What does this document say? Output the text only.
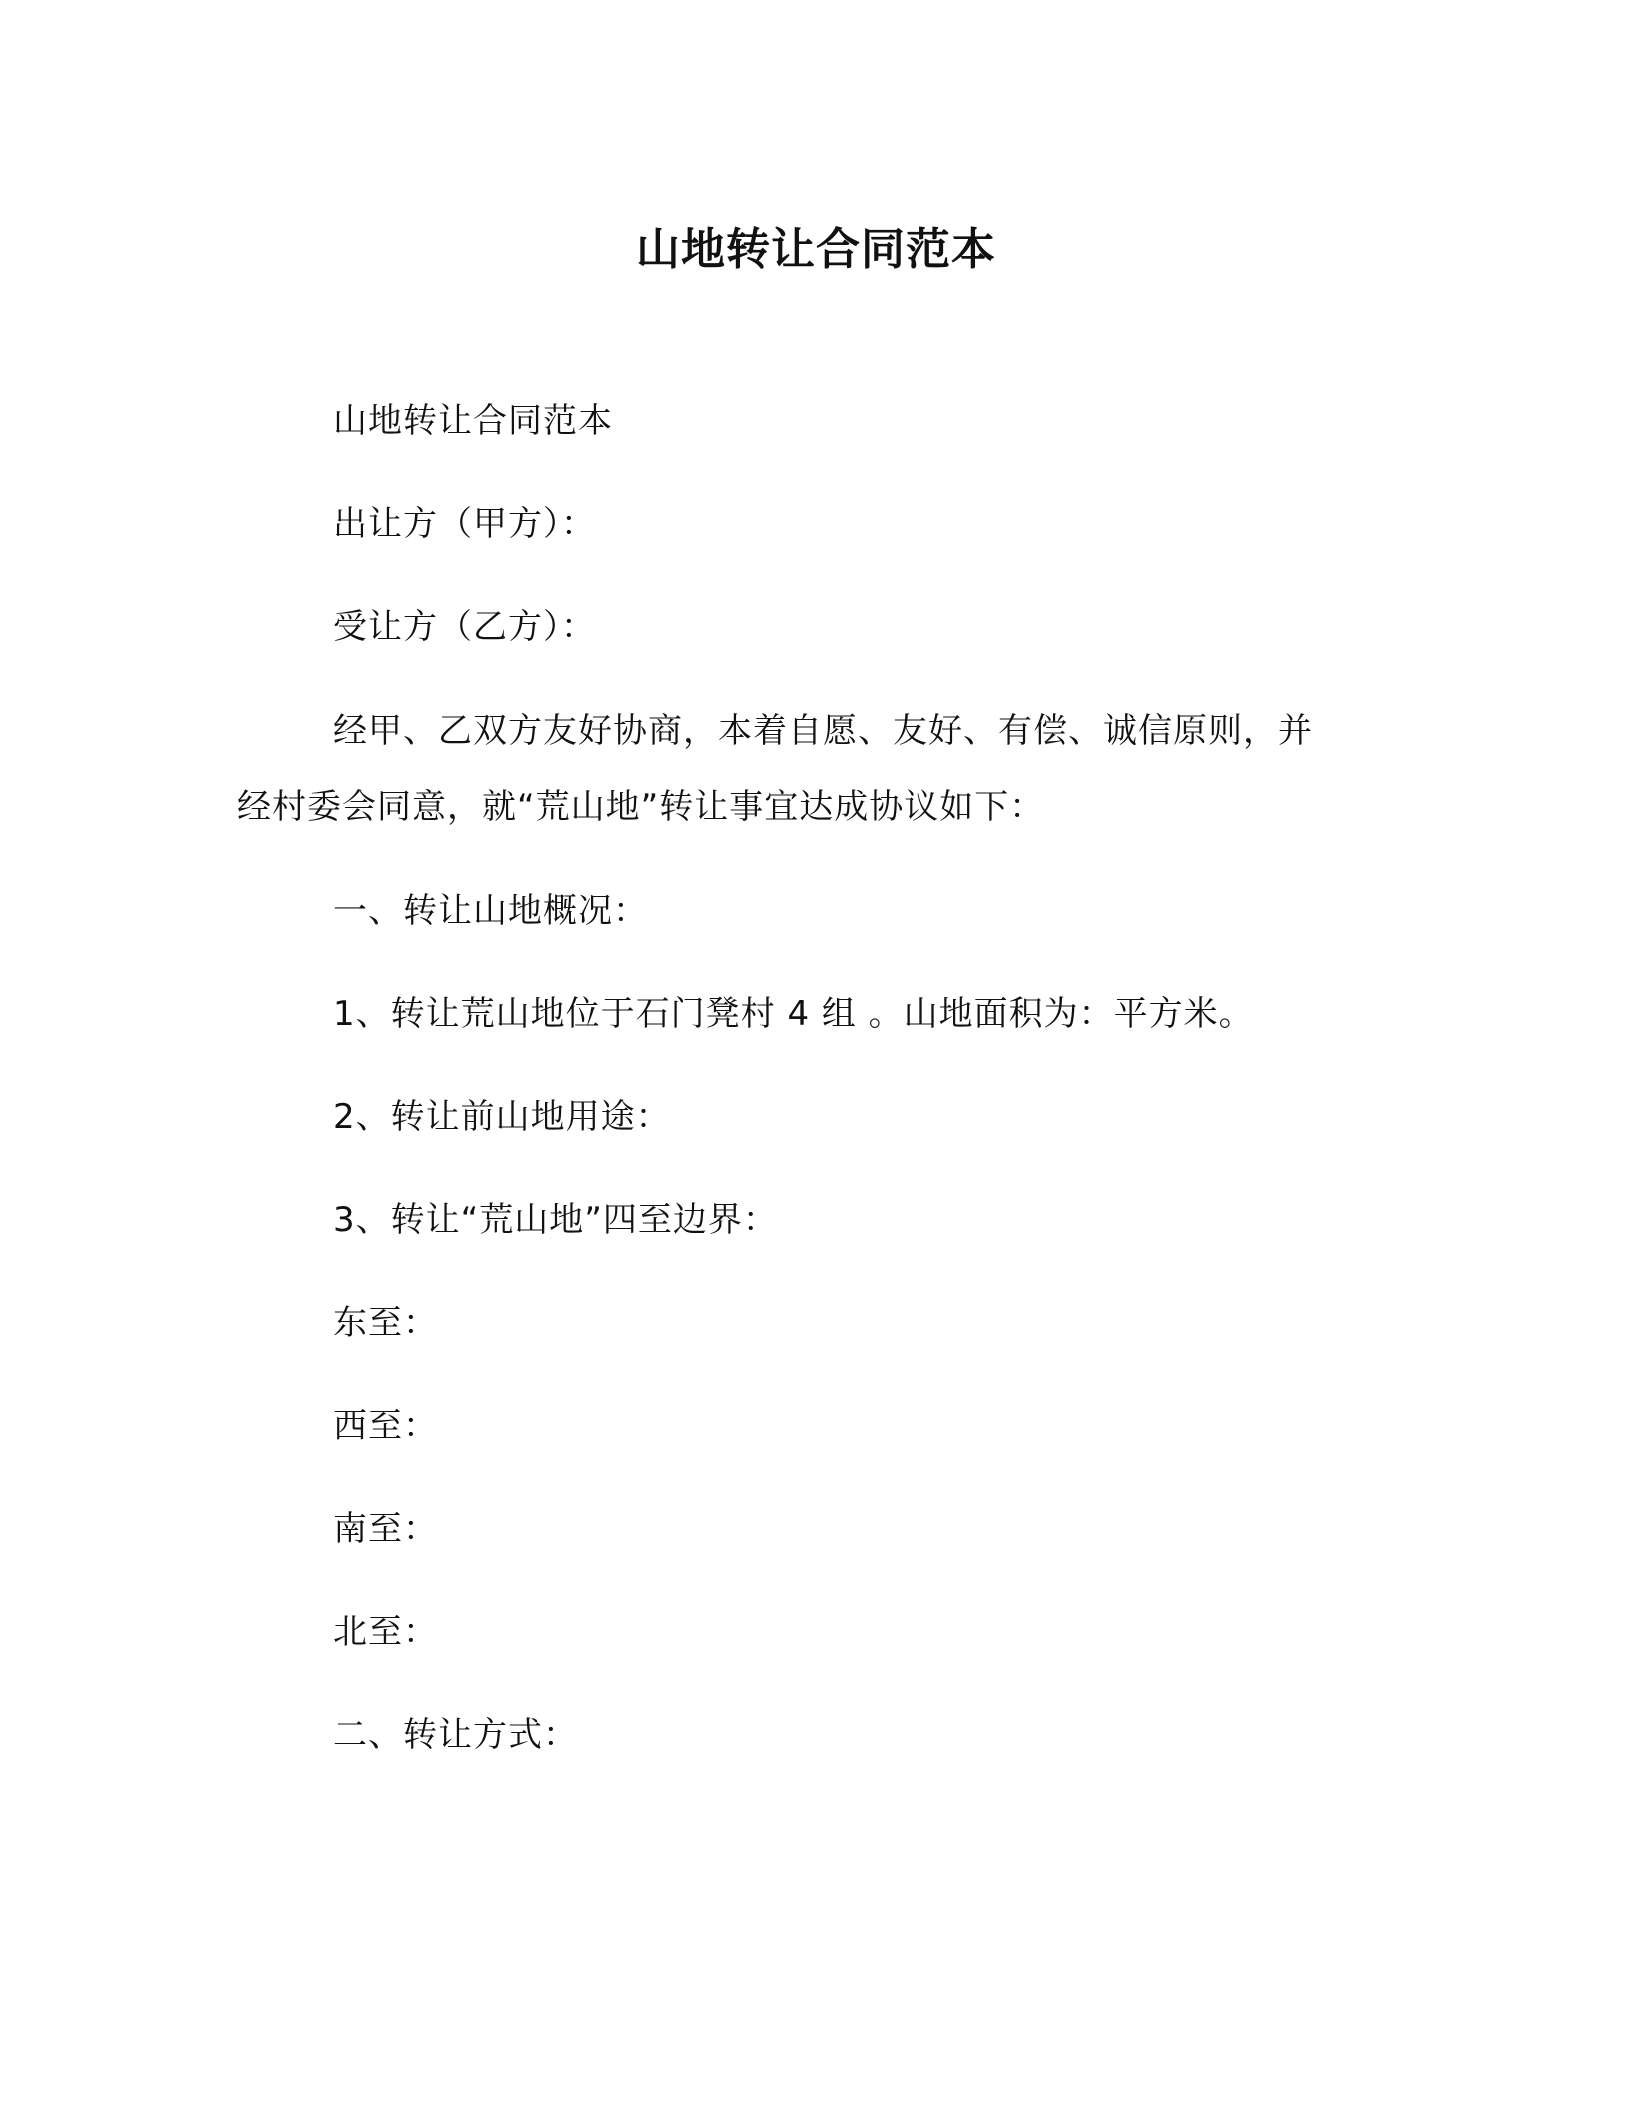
山地转让合同范本
山地转让合同范本
出让方（甲方）：
受让方（乙方）：
经甲、乙双方友好协商，本着自愿、友好、有偿、诚信原则，并
经村委会同意，就“荒山地”转让事宜达成协议如下：
一、转让山地概况：
1、转让荒山地位于石门凳村 4 组 。山地面积为：平方米。
2、转让前山地用途：
3、转让“荒山地”四至边界：
东至：
西至：
南至：
北至：
二、转让方式：
